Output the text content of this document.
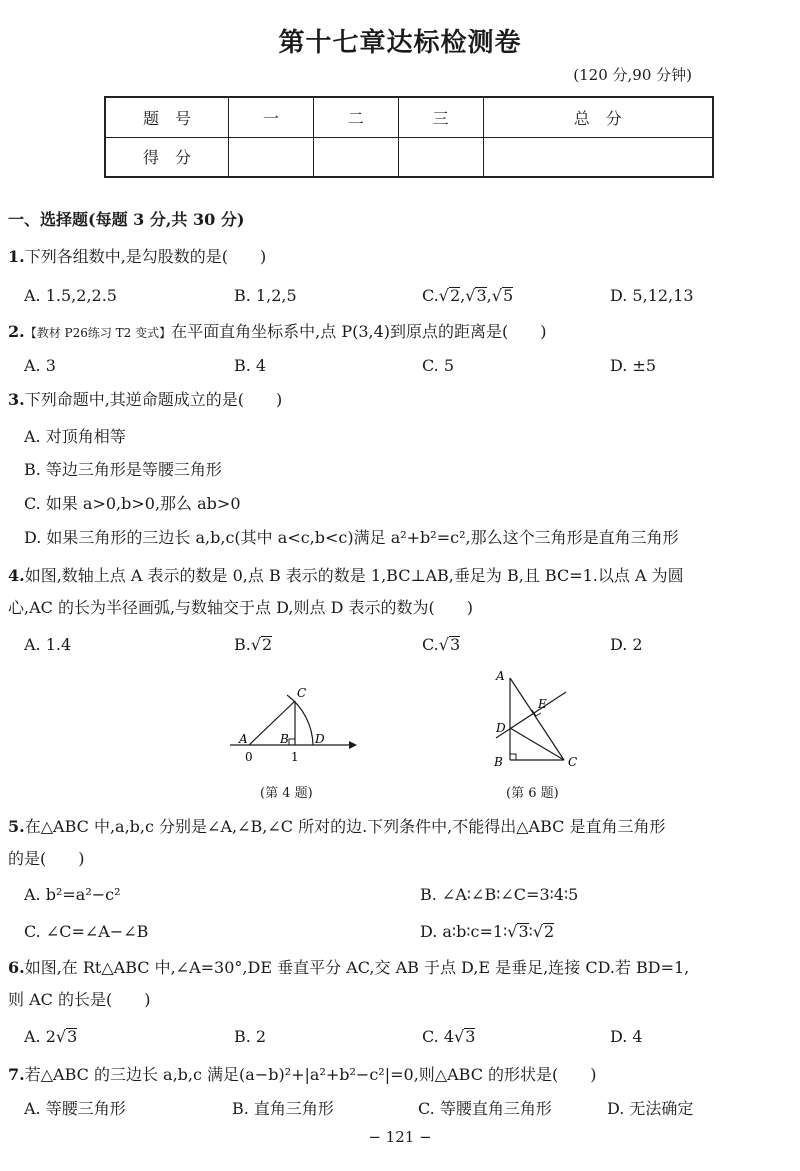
第十七章达标检测卷
(120 分,90 分钟)
题　号	一	二	三	总　分
得　分				
一、选择题(每题 3 分,共 30 分)
1.下列各组数中,是勾股数的是(　　)
A. 1.5,2,2.5	B. 1,2,5	C.√2,√3,√5	D. 5,12,13
2.【教材 P26练习 T2 变式】在平面直角坐标系中,点 P(3,4)到原点的距离是(　　)
A. 3	B. 4	C. 5	D. ±5
3.下列命题中,其逆命题成立的是(　　)
A. 对顶角相等
B. 等边三角形是等腰三角形
C. 如果 a>0,b>0,那么 ab>0
D. 如果三角形的三边长 a,b,c(其中 a<c,b<c)满足 a²+b²=c²,那么这个三角形是直角三角形
4.如图,数轴上点 A 表示的数是 0,点 B 表示的数是 1,BC⊥AB,垂足为 B,且 BC=1.以点 A 为圆
心,AC 的长为半径画弧,与数轴交于点 D,则点 D 表示的数为(　　)
A. 1.4	B.√2	C.√3	D. 2
A	B
C
D
0	1
(第 4 题)
A
B	C
D
E
(第 6 题)
5.在△ABC 中,a,b,c 分别是∠A,∠B,∠C 所对的边.下列条件中,不能得出△ABC 是直角三角形
的是(　　)
A. b²=a²−c²	B. ∠A∶∠B∶∠C=3∶4∶5
C. ∠C=∠A−∠B	D. a∶b∶c=1∶√3∶√2
6.如图,在 Rt△ABC 中,∠A=30°,DE 垂直平分 AC,交 AB 于点 D,E 是垂足,连接 CD.若 BD=1,
则 AC 的长是(　　)
A. 2√3	B. 2	C. 4√3	D. 4
7.若△ABC 的三边长 a,b,c 满足(a−b)²+|a²+b²−c²|=0,则△ABC 的形状是(　　)
A. 等腰三角形	B. 直角三角形	C. 等腰直角三角形	D. 无法确定
− 121 −
